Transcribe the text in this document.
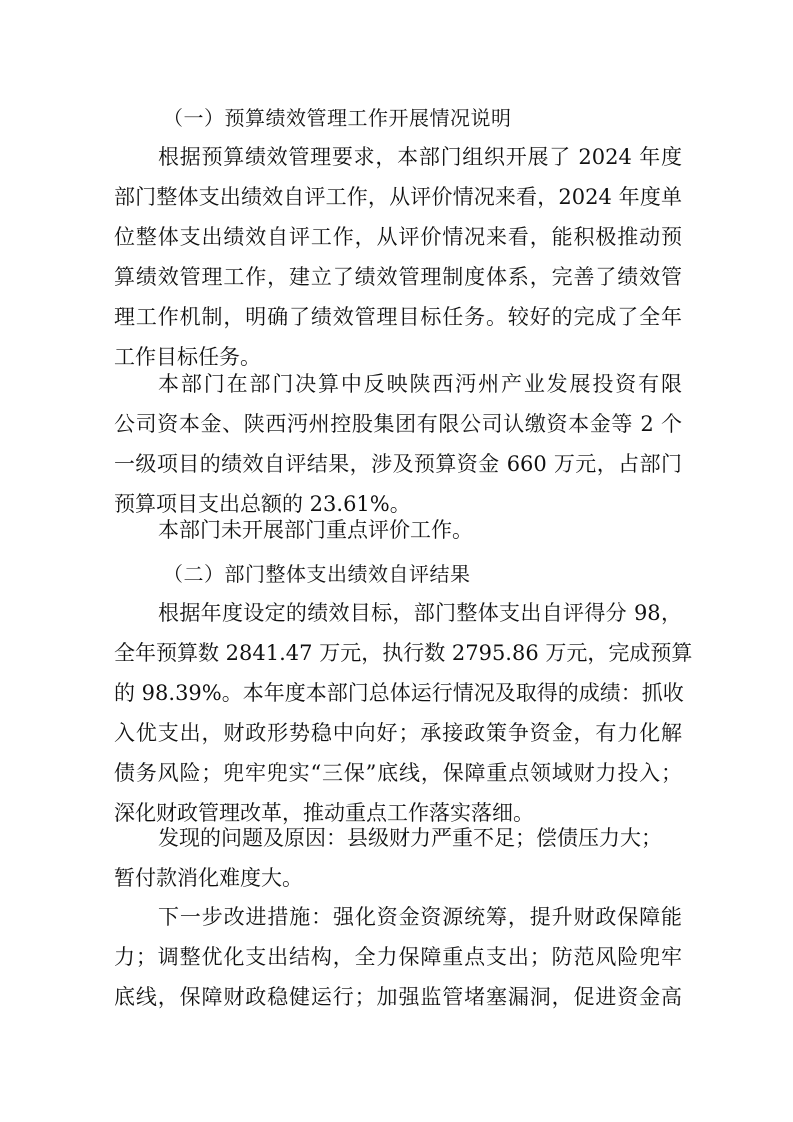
（一）预算绩效管理工作开展情况说明
根据预算绩效管理要求，本部门组织开展了 2024 年度
部门整体支出绩效自评工作，从评价情况来看，2024 年度单
位整体支出绩效自评工作，从评价情况来看，能积极推动预
算绩效管理工作，建立了绩效管理制度体系，完善了绩效管
理工作机制，明确了绩效管理目标任务。较好的完成了全年
工作目标任务。
本部门在部门决算中反映陕西沔州产业发展投资有限
公司资本金、陕西沔州控股集团有限公司认缴资本金等 2 个
一级项目的绩效自评结果，涉及预算资金 660 万元，占部门
预算项目支出总额的 23.61%。
本部门未开展部门重点评价工作。
（二）部门整体支出绩效自评结果
根据年度设定的绩效目标，部门整体支出自评得分 98，
全年预算数 2841.47 万元，执行数 2795.86 万元，完成预算
的 98.39%。本年度本部门总体运行情况及取得的成绩：抓收
入优支出，财政形势稳中向好；承接政策争资金，有力化解
债务风险；兜牢兜实“三保”底线，保障重点领域财力投入；
深化财政管理改革，推动重点工作落实落细。
发现的问题及原因：县级财力严重不足；偿债压力大；
暂付款消化难度大。
下一步改进措施：强化资金资源统筹，提升财政保障能
力；调整优化支出结构，全力保障重点支出；防范风险兜牢
底线，保障财政稳健运行；加强监管堵塞漏洞，促进资金高
